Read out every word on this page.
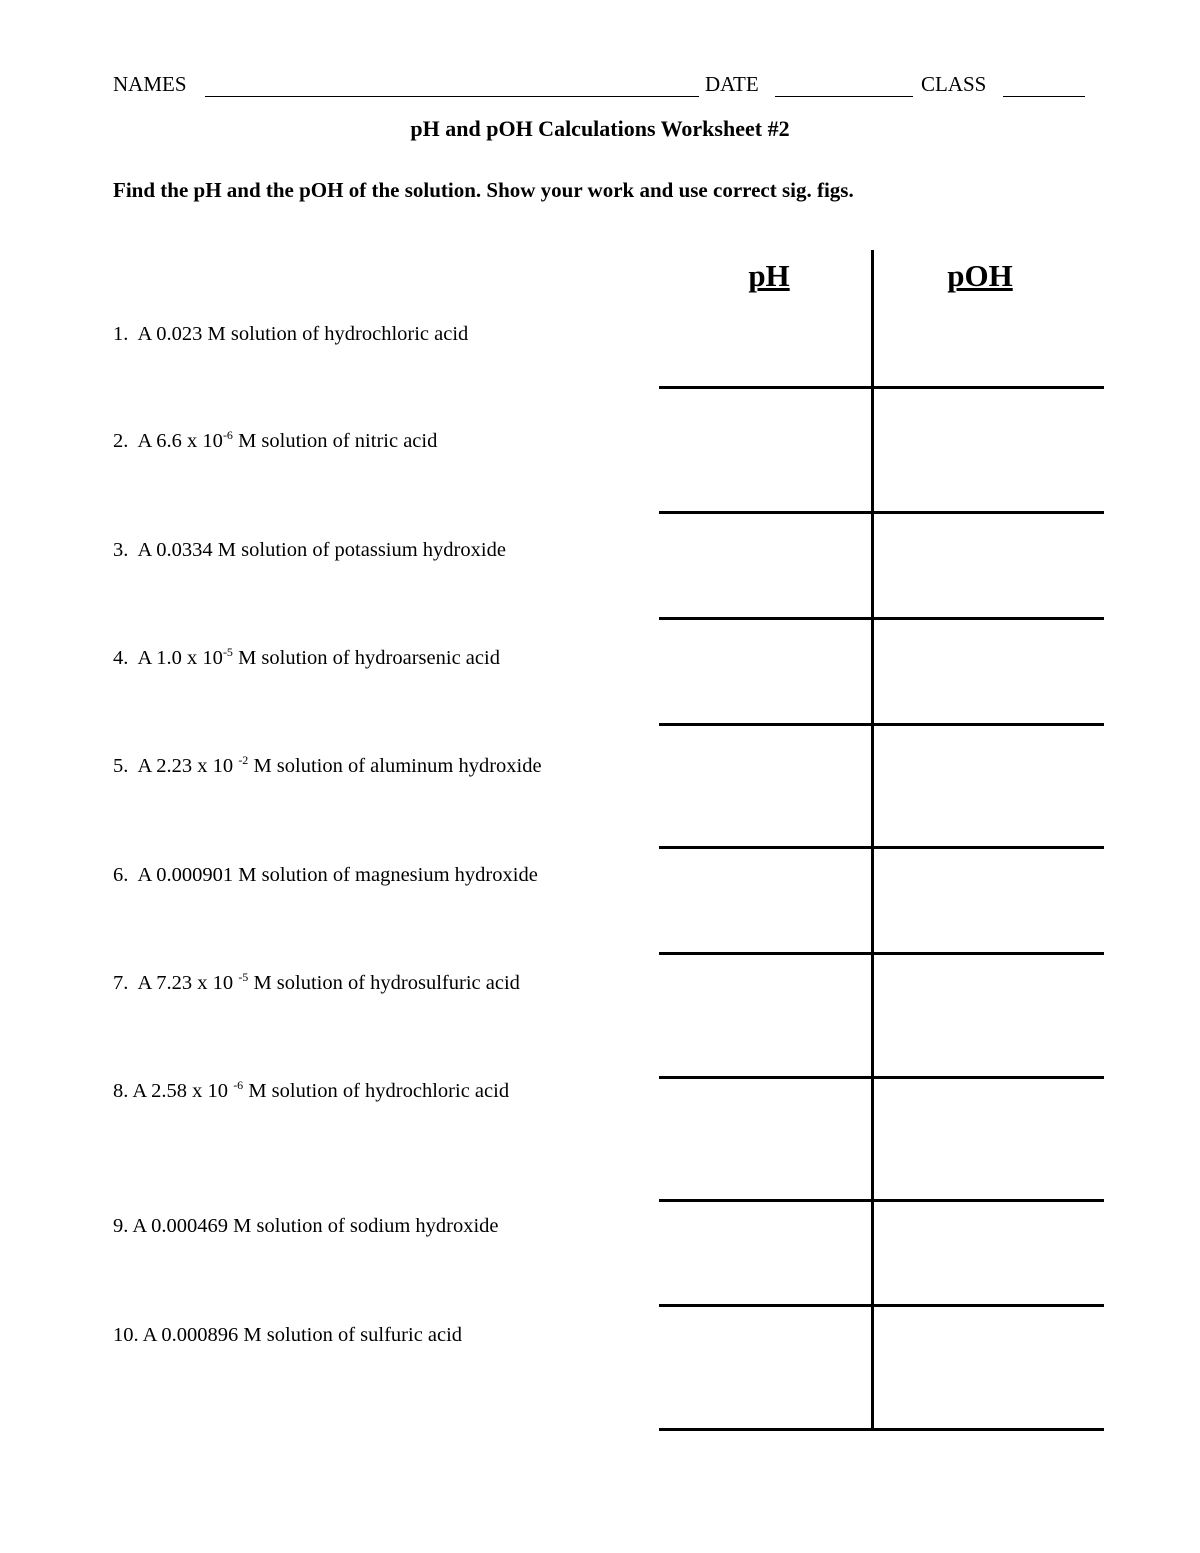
NAMES	DATE	CLASS
pH and pOH Calculations Worksheet #2
Find the pH and the pOH of the solution. Show your work and use correct sig. figs.
pH	pOH
1. A 0.023 M solution of hydrochloric acid
2. A 6.6 x $10^{-6}$ M solution of nitric acid
3.  A 0.0334 M solution of potassium hydroxide
4. A 1.0 x $10^{-5}$ M solution of hydroarsenic acid
5.  A 2.23 x 10 $^{-2}$ M solution of aluminum hydroxide
6. A 0.000901 M solution of magnesium hydroxide
7. A 7.23 x 10 $^{-5}$ M solution of hydrosulfuric acid
8. A 2.58 x 10 $^{-6}$ M solution of hydrochloric acid
9. A 0.000469 M solution of sodium hydroxide
10. A 0.000896 M solution of sulfuric acid
